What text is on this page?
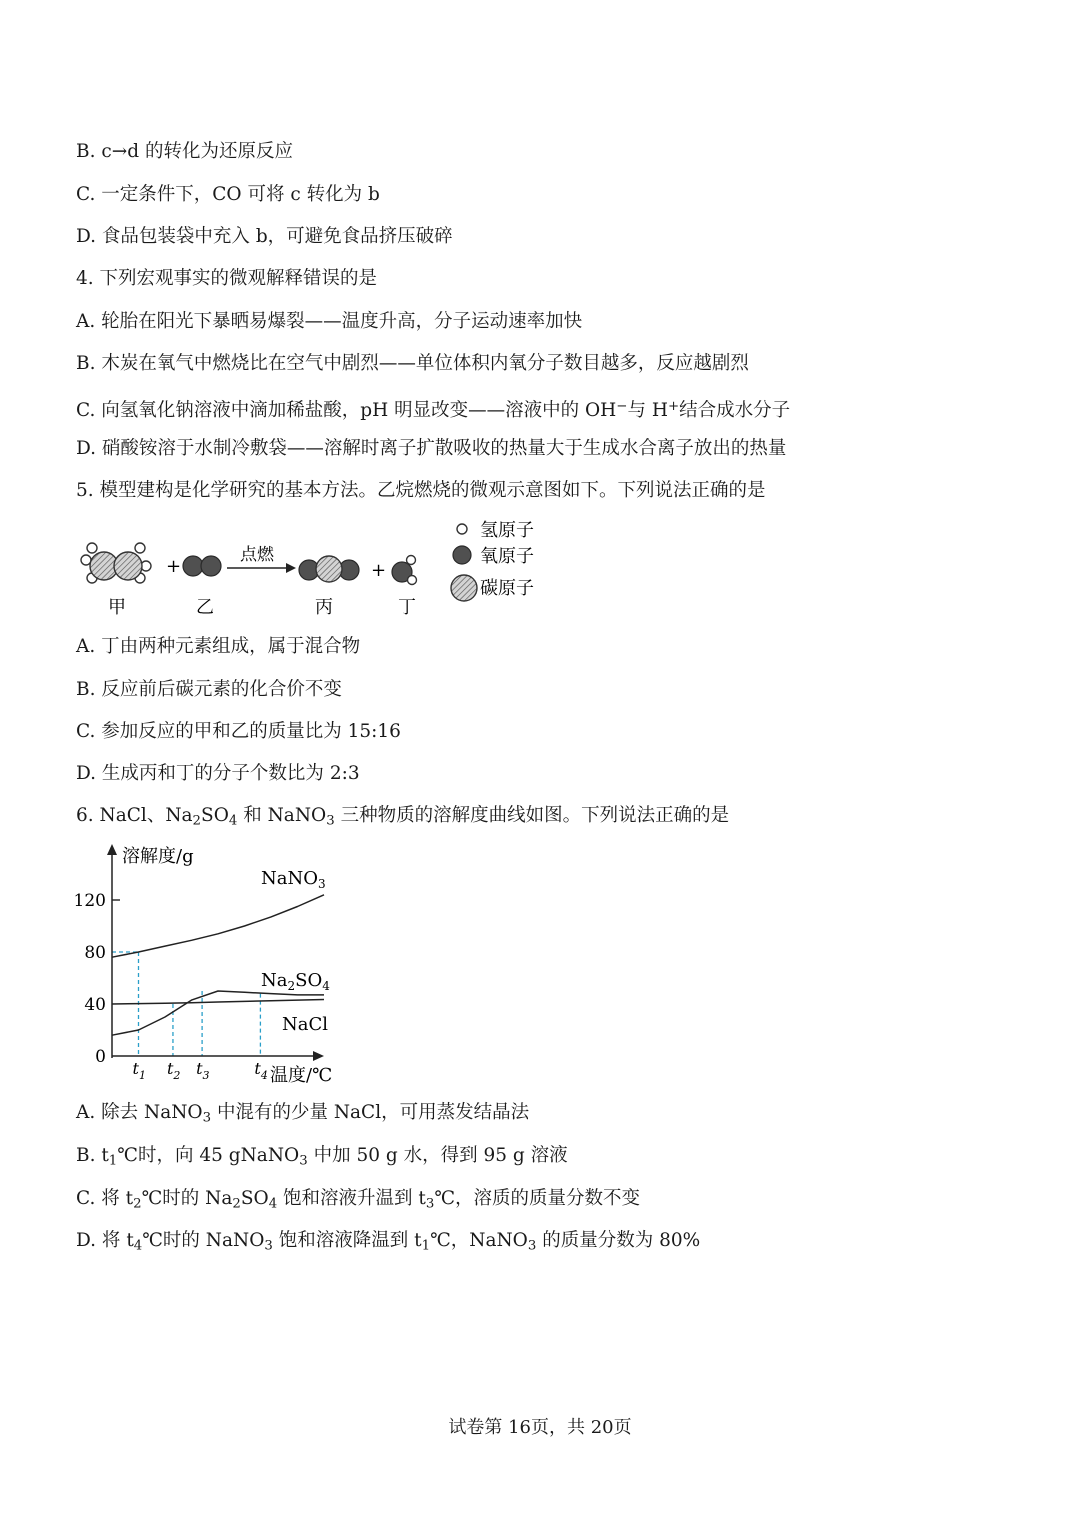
B. c→d 的转化为还原反应
C. 一定条件下，CO 可将 c 转化为 b
D. 食品包装袋中充入 b，可避免食品挤压破碎
4. 下列宏观事实的微观解释错误的是
A. 轮胎在阳光下暴晒易爆裂——温度升高，分子运动速率加快
B. 木炭在氧气中燃烧比在空气中剧烈——单位体积内氧分子数目越多，反应越剧烈
C. 向氢氧化钠溶液中滴加稀盐酸，pH 明显改变——溶液中的 OH−与 H+结合成水分子
D. 硝酸铵溶于水制冷敷袋——溶解时离子扩散吸收的热量大于生成水合离子放出的热量
5. 模型建构是化学研究的基本方法。乙烷燃烧的微观示意图如下。下列说法正确的是
+
点燃
+
甲	乙	丙	丁
氢原子
氧原子
碳原子
A. 丁由两种元素组成，属于混合物
B. 反应前后碳元素的化合价不变
C. 参加反应的甲和乙的质量比为 15:16
D. 生成丙和丁的分子个数比为 2:3
6. NaCl、$Na_2SO_4$ 和 NaNO$_3$ 三种物质的溶解度曲线如图。下列说法正确的是
溶解度/g
温度/℃
0
40
80
120
$t_1$ $t_2$ $t_3$	$t_4$
NaNO$_3$
$Na_2SO_4$
NaCl
A. 除去 NaNO$_3$ 中混有的少量 NaCl，可用蒸发结晶法
B. $t_1℃$时，向 45 gNaNO$_3$ 中加 50 g 水，得到 95 g 溶液
C. 将 $t_2℃$时的 $Na_2SO_4$ 饱和溶液升温到 $t_3℃$，溶质的质量分数不变
D. 将 $t_4℃$时的 NaNO$_3$ 饱和溶液降温到 $t_1℃$，NaNO$_3$ 的质量分数为 80%
试卷第 16页，共 20页
